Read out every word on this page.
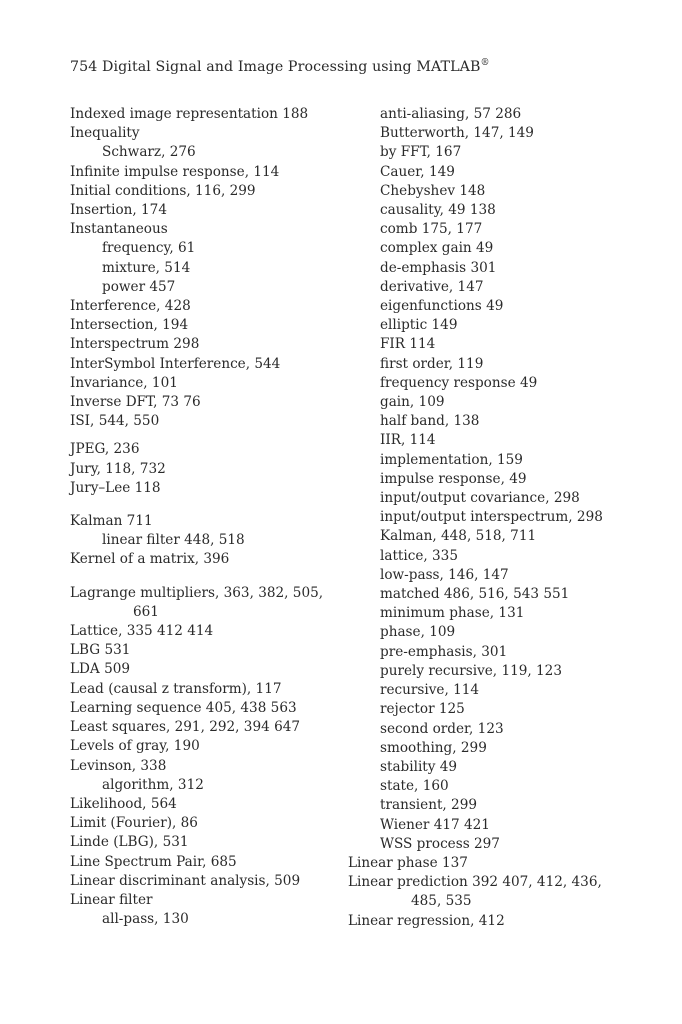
754 Digital Signal and Image Processing using MATLAB®
Indexed image representation 188
Inequality
Schwarz, 276
Infinite impulse response, 114
Initial conditions, 116, 299
Insertion, 174
Instantaneous
frequency, 61
mixture, 514
power 457
Interference, 428
Intersection, 194
Interspectrum 298
InterSymbol Interference, 544
Invariance, 101
Inverse DFT, 73 76
ISI, 544, 550
JPEG, 236
Jury, 118, 732
Jury–Lee 118
Kalman 711
linear filter 448, 518
Kernel of a matrix, 396
Lagrange multipliers, 363, 382, 505,
661
Lattice, 335 412 414
LBG 531
LDA 509
Lead (causal z transform), 117
Learning sequence 405, 438 563
Least squares, 291, 292, 394 647
Levels of gray, 190
Levinson, 338
algorithm, 312
Likelihood, 564
Limit (Fourier), 86
Linde (LBG), 531
Line Spectrum Pair, 685
Linear discriminant analysis, 509
Linear filter
all-pass, 130
anti-aliasing, 57 286
Butterworth, 147, 149
by FFT, 167
Cauer, 149
Chebyshev 148
causality, 49 138
comb 175, 177
complex gain 49
de-emphasis 301
derivative, 147
eigenfunctions 49
elliptic 149
FIR 114
first order, 119
frequency response 49
gain, 109
half band, 138
IIR, 114
implementation, 159
impulse response, 49
input/output covariance, 298
input/output interspectrum, 298
Kalman, 448, 518, 711
lattice, 335
low-pass, 146, 147
matched 486, 516, 543 551
minimum phase, 131
phase, 109
pre-emphasis, 301
purely recursive, 119, 123
recursive, 114
rejector 125
second order, 123
smoothing, 299
stability 49
state, 160
transient, 299
Wiener 417 421
WSS process 297
Linear phase 137
Linear prediction 392 407, 412, 436,
485, 535
Linear regression, 412
